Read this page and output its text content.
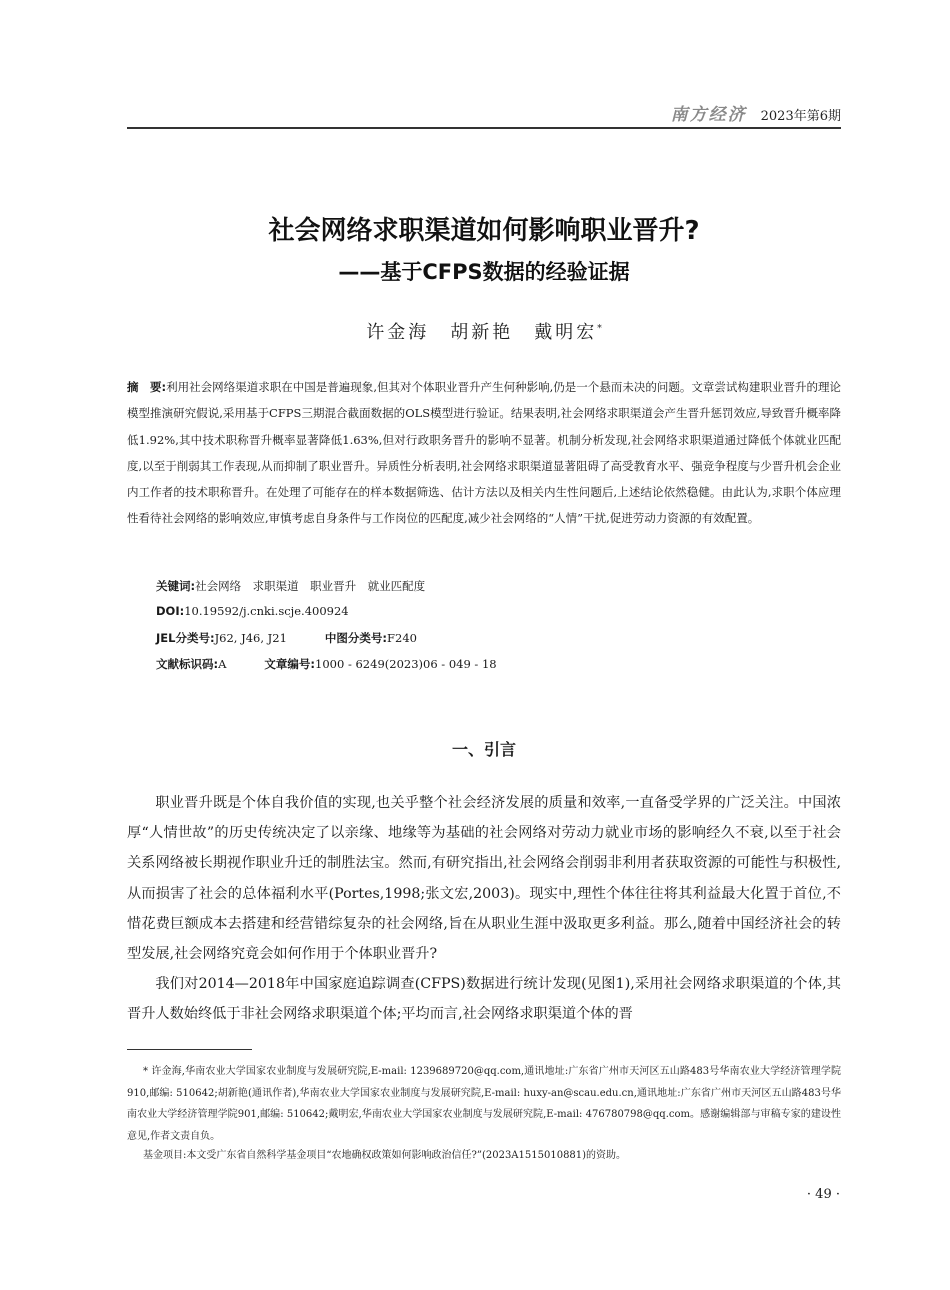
南方经济 2023年第6期
社会网络求职渠道如何影响职业晋升?
——基于CFPS数据的经验证据
许金海　胡新艳　戴明宏*
摘　要:利用社会网络渠道求职在中国是普遍现象,但其对个体职业晋升产生何种影响,仍是一个悬而未决的问题。文章尝试构建职业晋升的理论模型推演研究假说,采用基于CFPS三期混合截面数据的OLS模型进行验证。结果表明,社会网络求职渠道会产生晋升惩罚效应,导致晋升概率降低1.92%,其中技术职称晋升概率显著降低1.63%,但对行政职务晋升的影响不显著。机制分析发现,社会网络求职渠道通过降低个体就业匹配度,以至于削弱其工作表现,从而抑制了职业晋升。异质性分析表明,社会网络求职渠道显著阻碍了高受教育水平、强竞争程度与少晋升机会企业内工作者的技术职称晋升。在处理了可能存在的样本数据筛选、估计方法以及相关内生性问题后,上述结论依然稳健。由此认为,求职个体应理性看待社会网络的影响效应,审慎考虑自身条件与工作岗位的匹配度,减少社会网络的“人情”干扰,促进劳动力资源的有效配置。
关键词:社会网络　求职渠道　职业晋升　就业匹配度
DOI:10.19592/j.cnki.scje.400924
JEL分类号:J62, J46, J21	中图分类号:F240
文献标识码:A	文章编号:1000 - 6249(2023)06 - 049 - 18
一、引言

职业晋升既是个体自我价值的实现,也关乎整个社会经济发展的质量和效率,一直备受学界的广泛关注。中国浓厚“人情世故”的历史传统决定了以亲缘、地缘等为基础的社会网络对劳动力就业市场的影响经久不衰,以至于社会关系网络被长期视作职业升迁的制胜法宝。然而,有研究指出,社会网络会削弱非利用者获取资源的可能性与积极性,从而损害了社会的总体福利水平(Portes,1998;张文宏,2003)。现实中,理性个体往往将其利益最大化置于首位,不惜花费巨额成本去搭建和经营错综复杂的社会网络,旨在从职业生涯中汲取更多利益。那么,随着中国经济社会的转型发展,社会网络究竟会如何作用于个体职业晋升?

我们对2014—2018年中国家庭追踪调查(CFPS)数据进行统计发现(见图1),采用社会网络求职渠道的个体,其晋升人数始终低于非社会网络求职渠道个体;平均而言,社会网络求职渠道个体的晋

* 许金海,华南农业大学国家农业制度与发展研究院,E-mail: 1239689720@qq.com,通讯地址:广东省广州市天河区五山路483号华南农业大学经济管理学院910,邮编: 510642;胡新艳(通讯作者),华南农业大学国家农业制度与发展研究院,E-mail: huxy-an@scau.edu.cn,通讯地址:广东省广州市天河区五山路483号华南农业大学经济管理学院901,邮编: 510642;戴明宏,华南农业大学国家农业制度与发展研究院,E-mail: 476780798@qq.com。感谢编辑部与审稿专家的建设性意见,作者文责自负。

基金项目:本文受广东省自然科学基金项目“农地确权政策如何影响政治信任?”(2023A1515010881)的资助。

· 49 ·
